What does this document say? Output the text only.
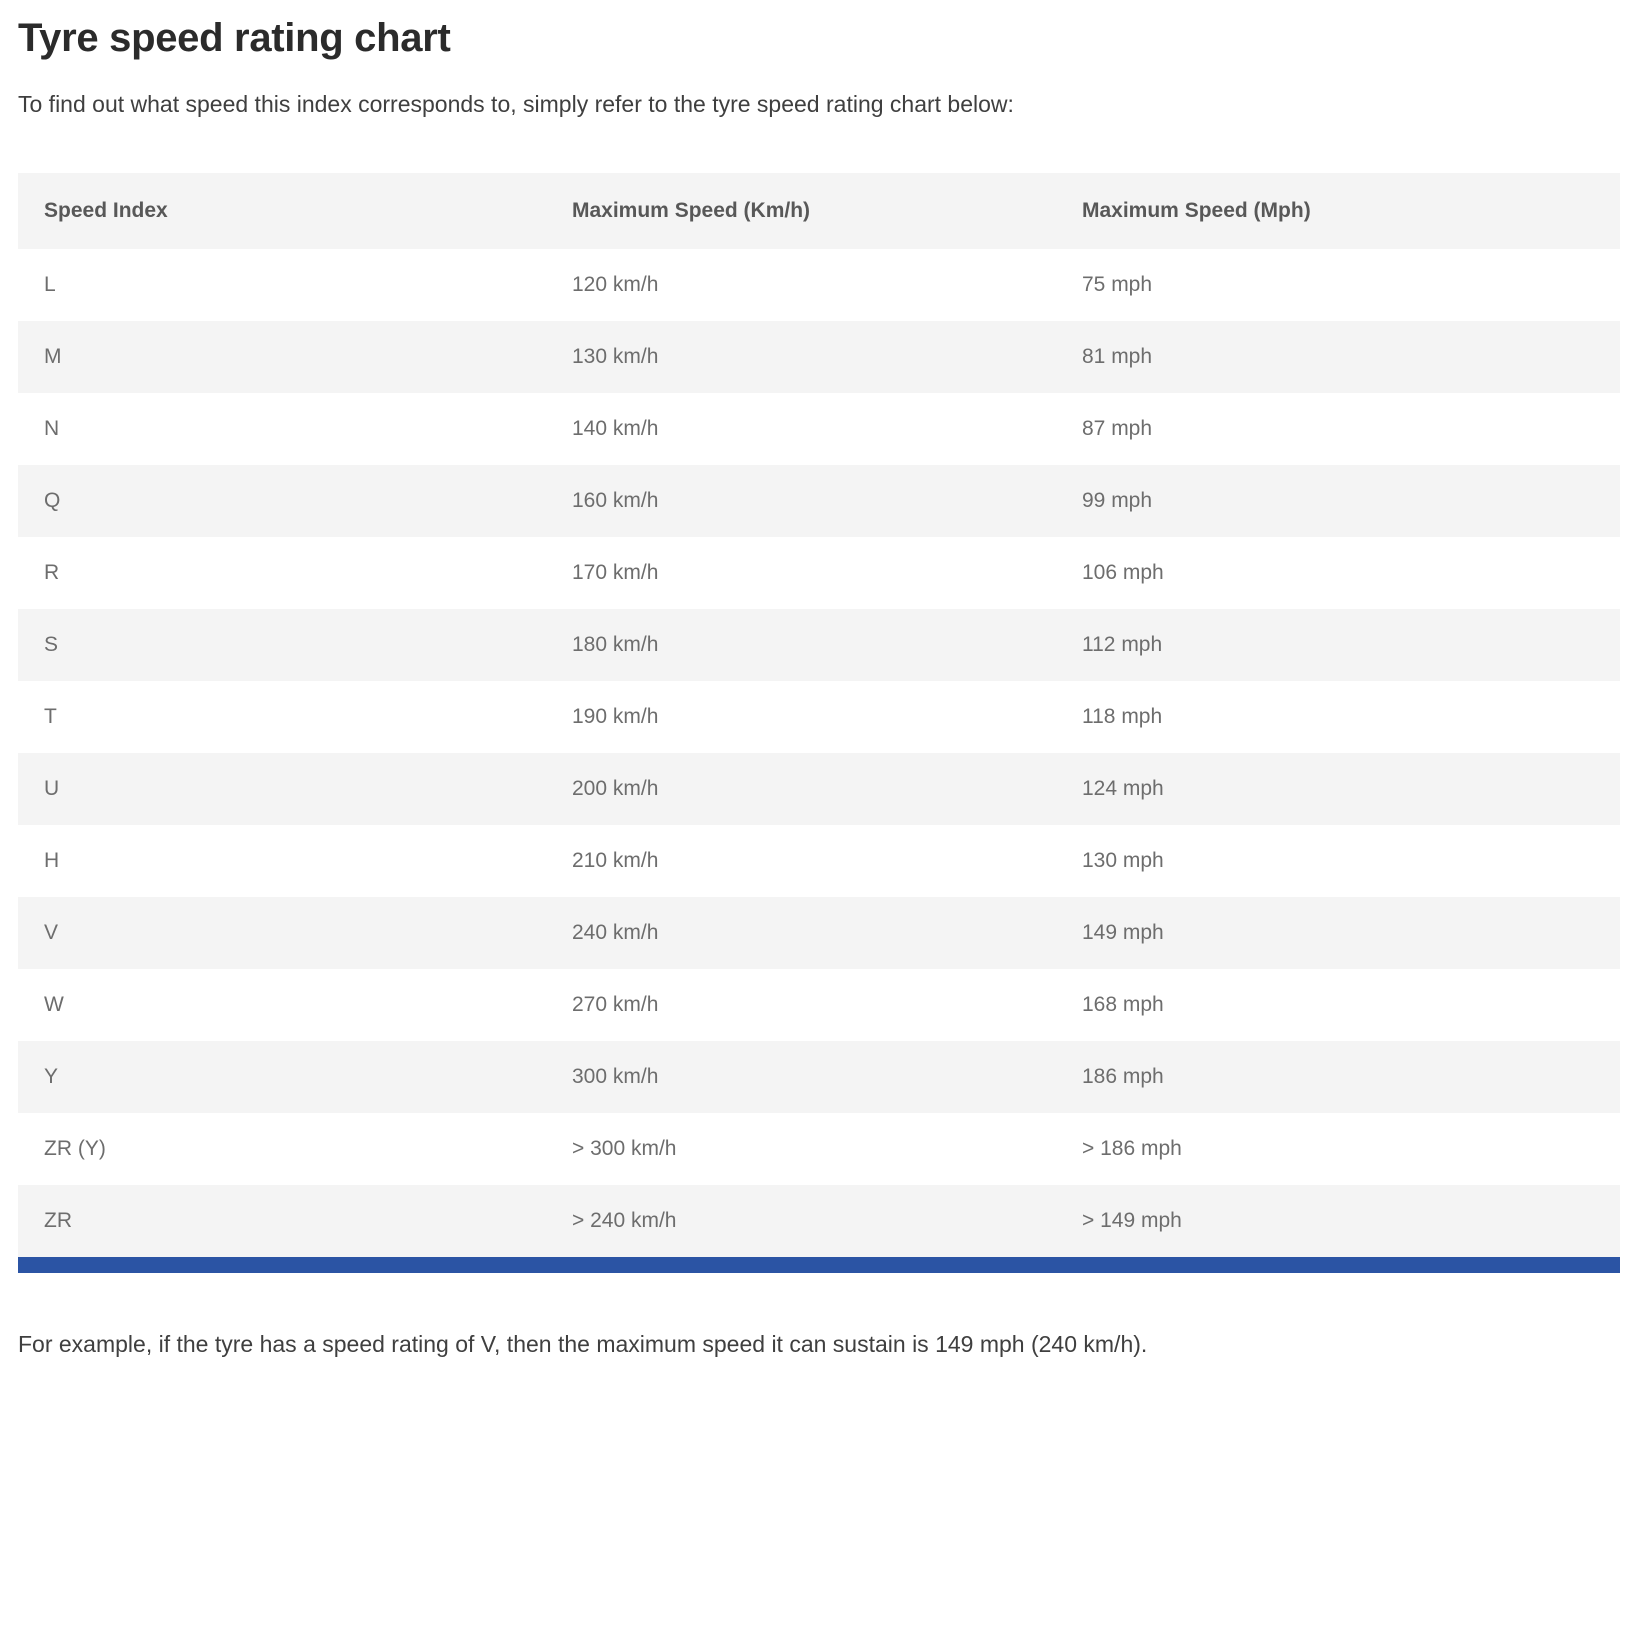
Tyre speed rating chart

To find out what speed this index corresponds to, simply refer to the tyre speed rating chart below:

Speed Index	Maximum Speed (Km/h)	Maximum Speed (Mph)
L	120 km/h	75 mph
M	130 km/h	81 mph
N	140 km/h	87 mph
Q	160 km/h	99 mph
R	170 km/h	106 mph
S	180 km/h	112 mph
T	190 km/h	118 mph
U	200 km/h	124 mph
H	210 km/h	130 mph
V	240 km/h	149 mph
W	270 km/h	168 mph
Y	300 km/h	186 mph
ZR (Y)	> 300 km/h	> 186 mph
ZR	> 240 km/h	> 149 mph

For example, if the tyre has a speed rating of V, then the maximum speed it can sustain is 149 mph (240 km/h).
